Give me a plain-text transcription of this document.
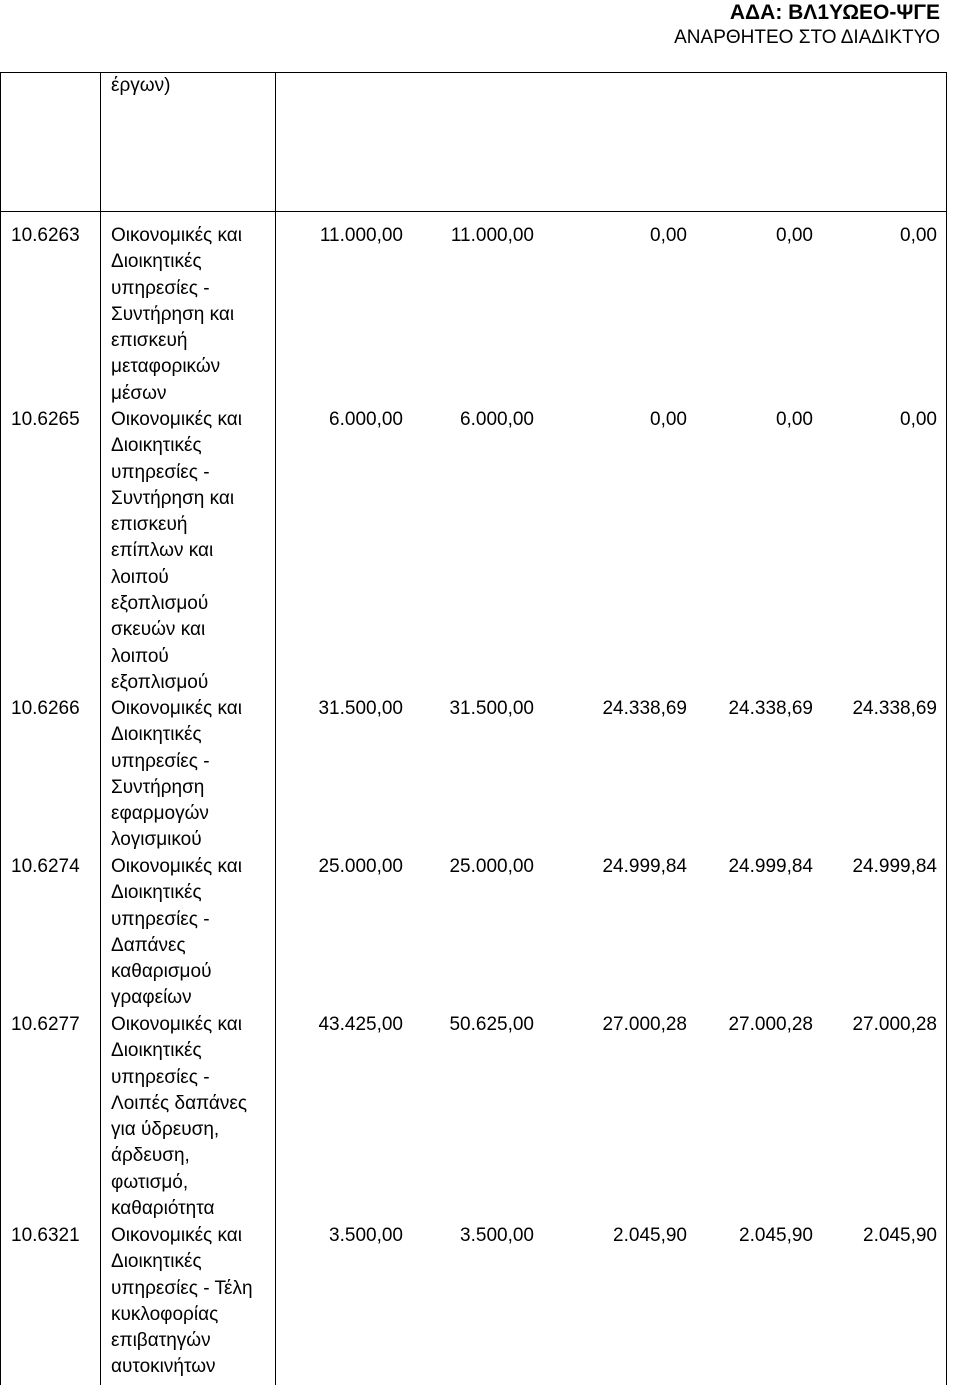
ΑΔΑ: ΒΛ1ΥΩΕΟ-ΨΓΕ
ΑΝΑΡΘΗΤΕΟ ΣΤΟ ΔΙΑΔΙΚΤΥΟ
έργων)
10.6263 Οικονομικές και
Διοικητικές
υπηρεσίες -
Συντήρηση και
επισκευή
μεταφορικών
μέσων
11.000,00	11.000,00	0,00	0,00	0,00
10.6265 Οικονομικές και
Διοικητικές
υπηρεσίες -
Συντήρηση και
επισκευή
επίπλων και
λοιπού
εξοπλισμού
σκευών και
λοιπού
εξοπλισμού
6.000,00	6.000,00	0,00	0,00	0,00
10.6266 Οικονομικές και
Διοικητικές
υπηρεσίες -
Συντήρηση
εφαρμογών
λογισμικού
31.500,00 31.500,00	24.338,69 24.338,69 24.338,69
10.6274 Οικονομικές και
Διοικητικές
υπηρεσίες -
Δαπάνες
καθαρισμού
γραφείων
25.000,00 25.000,00	24.999,84 24.999,84 24.999,84
10.6277 Οικονομικές και
Διοικητικές
υπηρεσίες -
Λοιπές δαπάνες
για ύδρευση,
άρδευση,
φωτισμό,
καθαριότητα
43.425,00 50.625,00	27.000,28 27.000,28 27.000,28
10.6321 Οικονομικές και
Διοικητικές
υπηρεσίες - Τέλη
κυκλοφορίας
επιβατηγών
αυτοκινήτων
3.500,00	3.500,00	2.045,90	2.045,90	2.045,90
